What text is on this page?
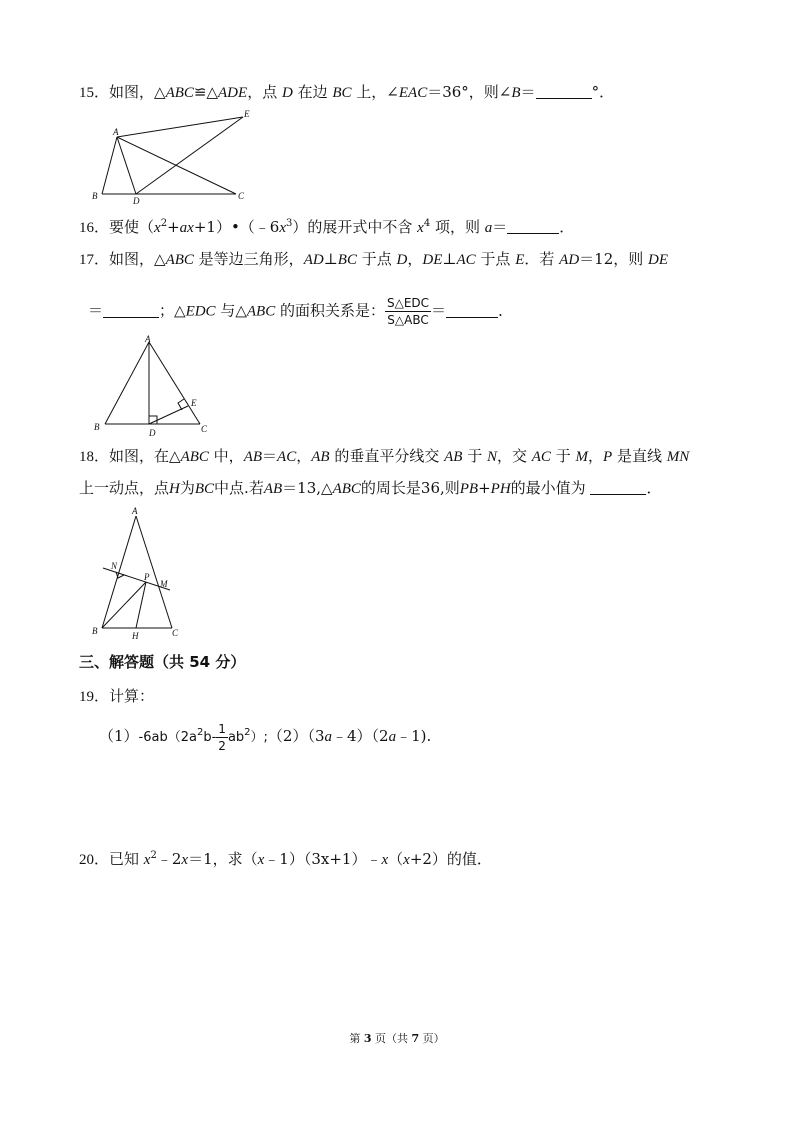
15．如图，△ABC≌△ADE，点 D 在边 BC 上，∠EAC＝36°，则∠B＝	°．
A
B	C
D
E
16．要使$(x^2+ax+1)•(﹣6x^3)$的展开式中不含 $x^4$ 项，则 a＝	．
17．如图，△ABC 是等边三角形，AD⊥BC 于点 D，DE⊥AC 于点 E．若 AD＝12，则 DE
＝	；△EDC 与△ABC 的面积关系是： $\frac{\text{S△EDC}}{\text{S△ABC}}$ ＝	．
A
B	C
D
E
18．如图，在△ABC 中，AB＝AC，AB 的垂直平分线交 AB 于 N，交 AC 于 M，P 是直线 MN
上一动点，点H为BC中点.若AB＝13,△ABC的周长是36,则PB+PH的最小值为	．
A
B	C
N
P
M
H
三、解答题（共 54 分）
19．计算：
$(1)-6ab(2a^2b- \frac{1}{2}$ $ab^2);(2)(3a﹣4)(2a﹣1)$.
20．已知 $x^2﹣2x=1$，求（x﹣1）（3x+1）﹣x（x+2）的值．
第 3 页（共 7 页）
